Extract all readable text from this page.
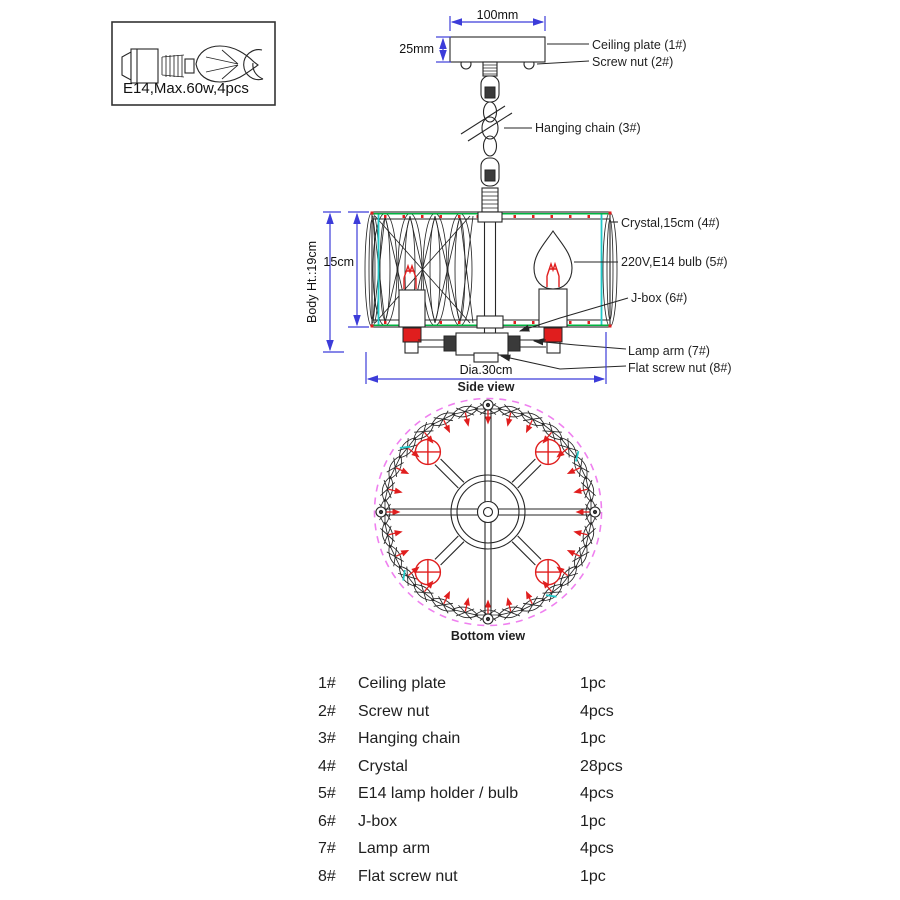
E14,Max.60w,4pcs
100mm
25mm
Body Ht.:19cm 15cm
Dia.30cm
Ceiling plate (1#)
Screw nut (2#)
Hanging chain (3#)
Crystal,15cm (4#)
220V,E14 bulb (5#)
J-box (6#)
Lamp arm (7#)
Flat screw nut (8#)
Side view
Bottom view
1#	Ceiling plate	1pc
2#	Screw nut	4pcs
3#	Hanging chain	1pc
4#	Crystal	28pcs
5#	E14 lamp holder / bulb	4pcs
6#	J-box	1pc
7#	Lamp arm	4pcs
8#	Flat screw nut	1pc
